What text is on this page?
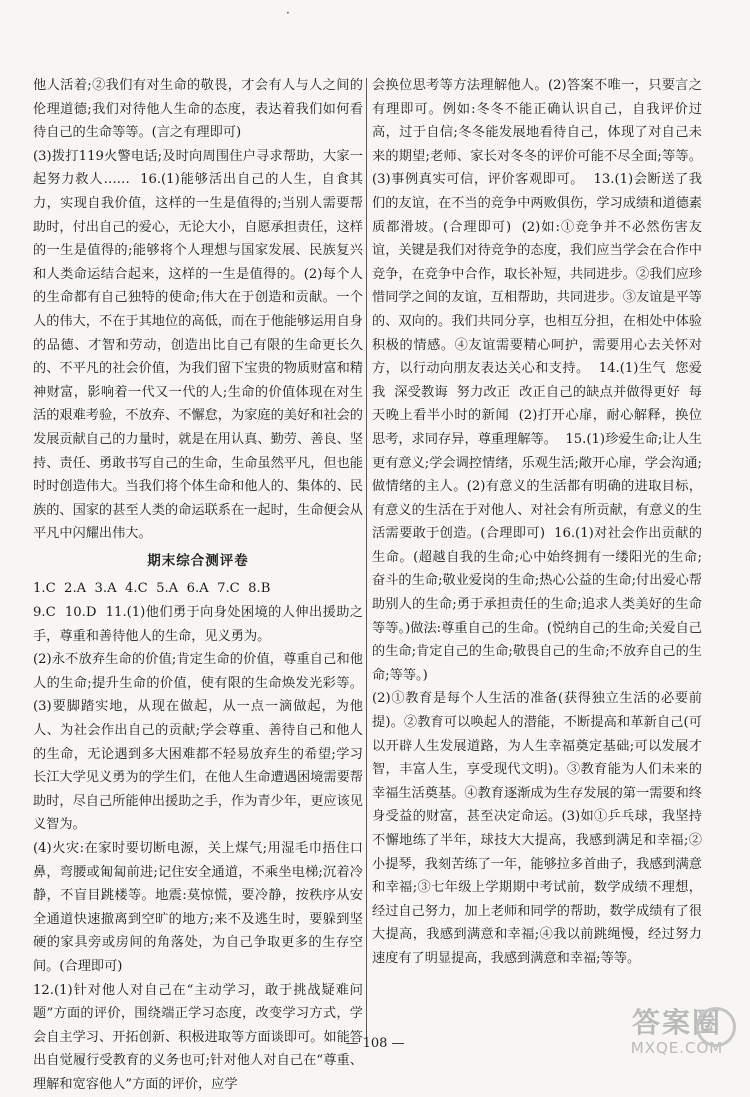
·

他人活着;②我们有对生命的敬畏，才会有人与人之间的伦理道德;我们对待他人生命的态度，表达着我们如何看待自己的生命等等。(言之有理即可)

(3)拨打119火警电话;及时向周围住户寻求帮助，大家一起努力救人……  16.(1)能够活出自己的人生，自食其力，实现自我价值，这样的一生是值得的;当别人需要帮助时，付出自己的爱心，无论大小，自愿承担责任，这样的一生是值得的;能够将个人理想与国家发展、民族复兴和人类命运结合起来，这样的一生是值得的。(2)每个人的生命都有自己独特的使命;伟大在于创造和贡献。一个人的伟大，不在于其地位的高低，而在于他能够运用自身的品德、才智和劳动，创造出比自己有限的生命更长久的、不平凡的社会价值，为我们留下宝贵的物质财富和精神财富，影响着一代又一代的人;生命的价值体现在对生活的艰难考验，不放弃、不懈怠，为家庭的美好和社会的发展贡献自己的力量时，就是在用认真、勤劳、善良、坚持、责任、勇敢书写自己的生命，生命虽然平凡，但也能时时创造伟大。当我们将个体生命和他人的、集体的、民族的、国家的甚至人类的命运联系在一起时，生命便会从平凡中闪耀出伟大。

期末综合测评卷

1.C  2.A  3.A  4.C  5.A  6.A  7.C  8.B

9.C  10.D  11.(1)他们勇于向身处困境的人伸出援助之手，尊重和善待他人的生命，见义勇为。

(2)永不放弃生命的价值;肯定生命的价值，尊重自己和他人的生命;提升生命的价值，使有限的生命焕发光彩等。(3)要脚踏实地，从现在做起，从一点一滴做起，为他人、为社会作出自己的贡献;学会尊重、善待自己和他人的生命，无论遇到多大困难都不轻易放弃生的希望;学习长江大学见义勇为的学生们，在他人生命遭遇困境需要帮助时，尽自己所能伸出援助之手，作为青少年，更应该见义智为。

(4)火灾:在家时要切断电源，关上煤气;用湿毛巾捂住口鼻，弯腰或匍匐前进;记住安全通道，不乘坐电梯;沉着冷静，不盲目跳楼等。地震:莫惊慌，要冷静，按秩序从安全通道快速撤离到空旷的地方;来不及逃生时，要躲到坚硬的家具旁或房间的角落处，为自己争取更多的生存空间。(合理即可)

12.(1)针对他人对自己在“主动学习，敢于挑战疑难问题”方面的评价，围绕端正学习态度，改变学习方式，学会自主学习、开拓创新、积极进取等方面谈即可。如能答出自觉履行受教育的义务也可;针对他人对自己在“尊重、理解和宽容他人”方面的评价，应学

会换位思考等方法理解他人。(2)答案不唯一，只要言之有理即可。例如:冬冬不能正确认识自己，自我评价过高，过于自信;冬冬能发展地看待自己，体现了对自己未来的期望;老师、家长对冬冬的评价可能不尽全面;等等。(3)事例真实可信，评价客观即可。  13.(1)会断送了我们的友谊，在不当的竞争中两败俱伤，学习成绩和道德素质都滑坡。(合理即可)  (2)如:①竞争并不必然伤害友谊，关键是我们对待竞争的态度，我们应当学会在合作中竞争，在竞争中合作，取长补短，共同进步。②我们应珍惜同学之间的友谊，互相帮助，共同进步。③友谊是平等的、双向的。我们共同分享，也相互分担，在相处中体验积极的情感。④友谊需要精心呵护，需要用心去关怀对方，以行动向朋友表达关心和支持。  14.(1)生气  您爱我  深受教诲  努力改正  改正自己的缺点并做得更好  每天晚上看半小时的新闻  (2)打开心扉，耐心解释，换位思考，求同存异，尊重理解等。  15.(1)珍爱生命;让人生更有意义;学会调控情绪，乐观生活;敞开心扉，学会沟通;做情绪的主人。(2)有意义的生活都有明确的进取目标，有意义的生活在于对他人、对社会有所贡献，有意义的生活需要敢于创造。(合理即可)  16.(1)对社会作出贡献的生命。(超越自我的生命;心中始终拥有一缕阳光的生命;奋斗的生命;敬业爱岗的生命;热心公益的生命;付出爱心帮助别人的生命;勇于承担责任的生命;追求人类美好的生命等等。)做法:尊重自己的生命。(悦纳自己的生命;关爱自己的生命;肯定自己的生命;敬畏自己的生命;不放弃自己的生命;等等。)

(2)①教育是每个人生活的准备(获得独立生活的必要前提)。②教育可以唤起人的潜能，不断提高和革新自己(可以开辟人生发展道路，为人生幸福奠定基础;可以发展才智，丰富人生，享受现代文明)。③教育能为人们未来的幸福生活奠基。④教育逐渐成为生存发展的第一需要和终身受益的财富，甚至决定命运。(3)如①乒乓球，我坚持不懈地练了半年，球技大大提高，我感到满足和幸福;②小提琴，我刻苦练了一年，能够拉多首曲子，我感到满意和幸福;③七年级上学期期中考试前，数学成绩不理想，经过自己努力，加上老师和同学的帮助，数学成绩有了很大提高，我感到满意和幸福;④我以前跳绳慢，经过努力速度有了明显提高，我感到满意和幸福;等等。

— 108 —
答案圈
MXQE.COM
